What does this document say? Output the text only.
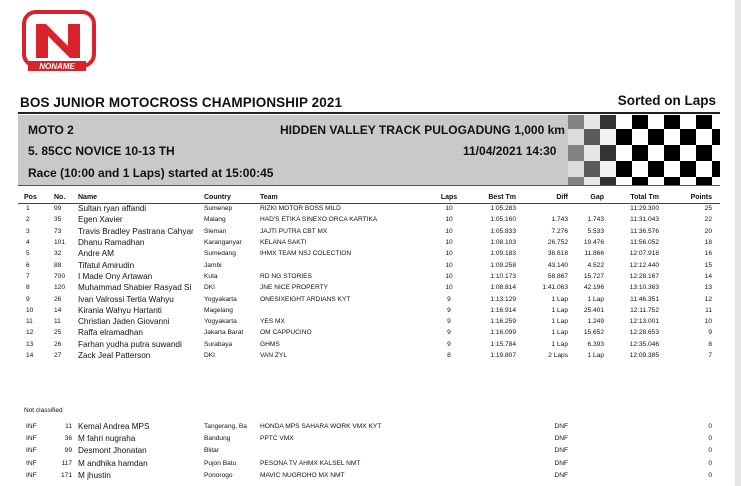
NONAME
BOS JUNIOR MOTOCROSS CHAMPIONSHIP 2021	Sorted on Laps
MOTO 2	HIDDEN VALLEY TRACK PULOGADUNG 1,000 km
5. 85CC NOVICE 10-13 TH	11/04/2021 14:30
Race (10:00 and 1 Laps) started at 15:00:45
Pos	No.	Name	Country	Team	Laps	Best Tm	Diff	Gap	Total Tm	Points
1	99	Sultan ryan affandi	Sumenep	RIZKI MOTOR BOSS MILD	10	1:05.283			11:29.300	25
2	35	Egen Xavier	Malang	HAD'S ETIKA SINEXO ORCA KARTIKA	10	1:05.160	1.743	1.743	11:31.043	22
3	73	Travis Bradley Pastrana Cahyar	Sleman	JAJTI PUTRA CBT MX	10	1:05.833	7.276	5.533	11:36.576	20
4	101	Dhanu Ramadhan	Karanganyar	KELANA SAKTI	10	1:08.103	26.752	19.476	11:56.052	18
5	32	Andre AM	Sumedang	IHMX TEAM NSJ COLECTION	10	1:09.183	38.618	11.866	12:07.918	16
6	88	Tifatul Amirudin	Jambi		10	1:09.258	43.140	4.522	12:12.440	15
7	700	I Made Ony Artawan	Kuta	RD NG STORIES	10	1:10.173	58.867	15.727	12:28.167	14
8	120	Muhammad Shabier Rasyad Si	DKI	JNE NICE PROPERTY	10	1:08.814	1:41.063	42.196	13:10.363	13
9	26	Ivan Valrossi Tertia Wahyu	Yogyakarta	ONESIXEIGHT ARDIANS KYT	9	1:13.129	1 Lap	1 Lap	11:46.351	12
10	14	Kirania Wahyu Hartanti	Magelang		9	1:16.914	1 Lap	25.401	12:11.752	11
11	11	Christian Jaden Giovanni	Yogyakarta	YES MX	9	1:16.259	1 Lap	1.249	12:13.001	10
12	25	Raffa elramadhan	Jakarta Barat	OM CAPPUCINO	9	1:16.099	1 Lap	15.652	12:28.653	9
13	26	Farhan yudha putra suwandi	Surabaya	GHMS	9	1:15.784	1 Lap	6.393	12:35.046	8
14	27	Zack Jeal Patterson	DKI	VAN ZYL	8	1:19.807	2 Laps	1 Lap	12:09.385	7
Not classified
INF	11	Kemal Andrea MPS	Tangerang, Ba	HONDA MPS SAHARA WORK VMX KYT			DNF			0
INF	36	M fahri nugraha	Bandung	PPTC VMX			DNF			0
INF	99	Desmont Jhonatan	Blitar				DNF			0
INF	117	M andhika hamdan	Pujon Batu	PESONA TV AHMX KALSEL NMT			DNF			0
INF	171	M jhustin	Ponorogo	MAVIC NUGROHO MX NMT			DNF			0
